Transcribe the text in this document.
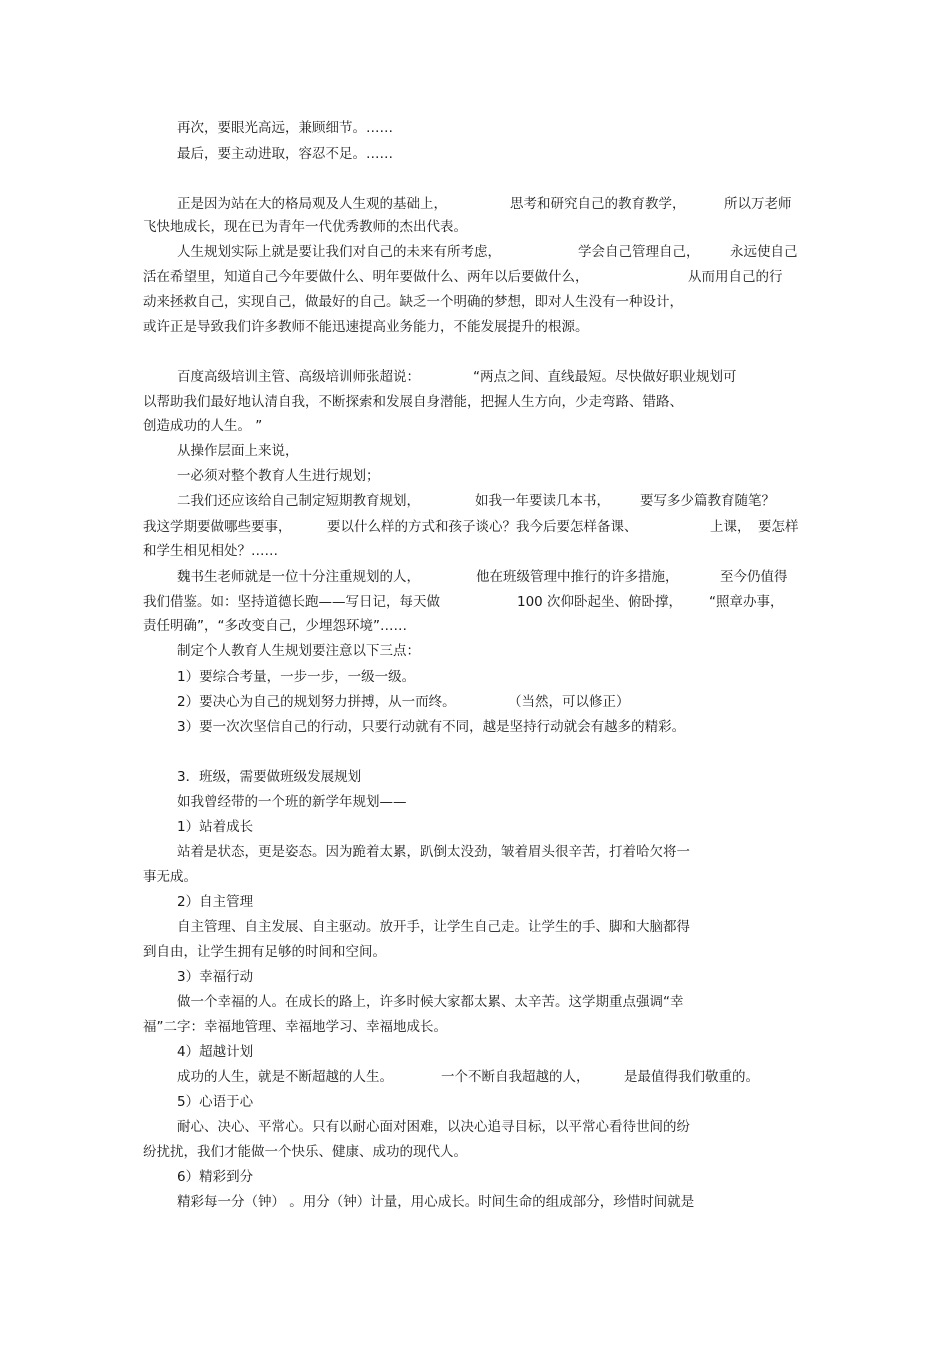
再次，要眼光高远，兼顾细节。……
最后，要主动进取，容忍不足。……
正是因为站在大的格局观及人生观的基础上，	思考和研究自己的教育教学，	所以万老师
飞快地成长，现在已为青年一代优秀教师的杰出代表。
人生规划实际上就是要让我们对自己的未来有所考虑，	学会自己管理自己， 永远使自己
活在希望里，知道自己今年要做什么、明年要做什么、两年以后要做什么，	从而用自己的行
动来拯救自己，实现自己，做最好的自己。缺乏一个明确的梦想，即对人生没有一种设计，
或许正是导致我们许多教师不能迅速提高业务能力，不能发展提升的根源。
百度高级培训主管、高级培训师张超说：	“两点之间、直线最短。尽快做好职业规划可
以帮助我们最好地认清自我，不断探索和发展自身潜能，把握人生方向，少走弯路、错路、
创造成功的人生。 ”
从操作层面上来说，
一必须对整个教育人生进行规划；
二我们还应该给自己制定短期教育规划，	如我一年要读几本书， 要写多少篇教育随笔？
我这学期要做哪些要事，	要以什么样的方式和孩子谈心？我今后要怎样备课、	上课， 要怎样
和学生相见相处？……
魏书生老师就是一位十分注重规划的人，	他在班级管理中推行的许多措施，	至今仍值得
我们借鉴。如：坚持道德长跑——写日记，每天做	100 次仰卧起坐、俯卧撑， “照章办事，
责任明确”，“多改变自己，少埋怨环境”……
制定个人教育人生规划要注意以下三点：
1）要综合考量，一步一步，一级一级。
2）要决心为自己的规划努力拼搏，从一而终。	（当然，可以修正）
3）要一次次坚信自己的行动，只要行动就有不同，越是坚持行动就会有越多的精彩。
3．班级，需要做班级发展规划
如我曾经带的一个班的新学年规划——
1）站着成长
站着是状态，更是姿态。因为跪着太累，趴倒太没劲，皱着眉头很辛苦，打着哈欠将一
事无成。
2）自主管理
自主管理、自主发展、自主驱动。放开手，让学生自己走。让学生的手、脚和大脑都得
到自由，让学生拥有足够的时间和空间。
3）幸福行动
做一个幸福的人。在成长的路上，许多时候大家都太累、太辛苦。这学期重点强调“幸
福”二字：幸福地管理、幸福地学习、幸福地成长。
4）超越计划
成功的人生，就是不断超越的人生。	一个不断自我超越的人，	是最值得我们敬重的。
5）心语于心
耐心、决心、平常心。只有以耐心面对困难，以决心追寻目标，以平常心看待世间的纷
纷扰扰，我们才能做一个快乐、健康、成功的现代人。
6）精彩到分
精彩每一分（钟） 。用分（钟）计量，用心成长。时间生命的组成部分，珍惜时间就是
